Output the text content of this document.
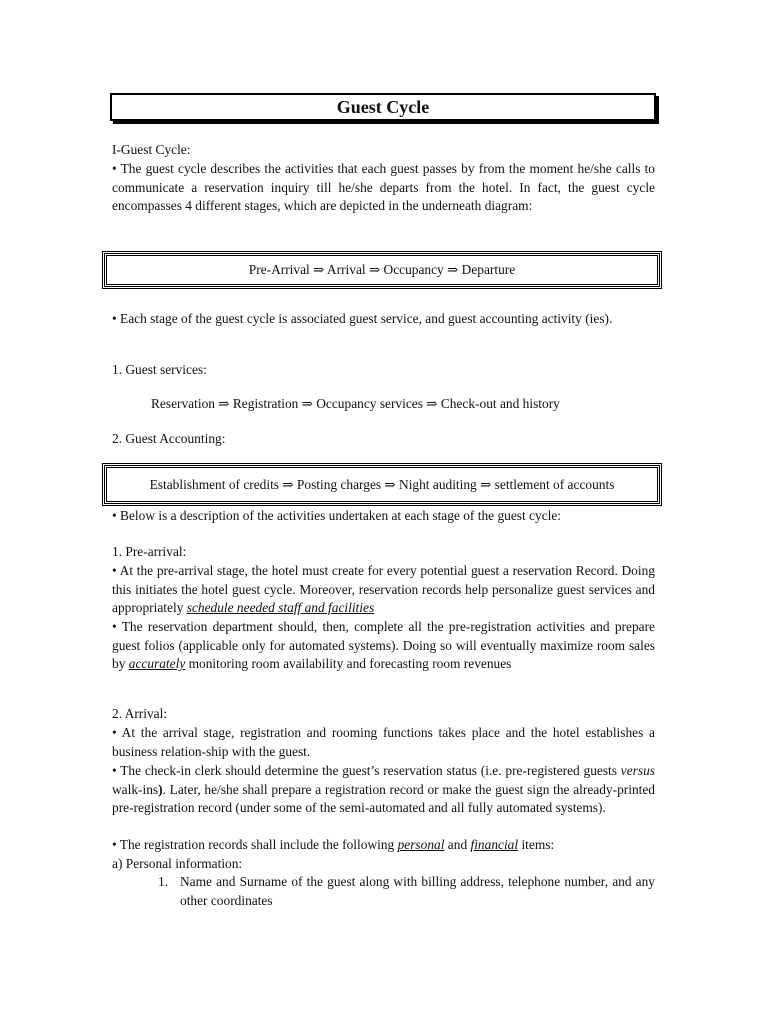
Guest Cycle

I-Guest Cycle:

• The guest cycle describes the activities that each guest passes by from the moment he/she calls to communicate a reservation inquiry till he/she departs from the hotel. In fact, the guest cycle encompasses 4 different stages, which are depicted in the underneath diagram:

Pre-Arrival ⇒ Arrival ⇒ Occupancy ⇒ Departure

• Each stage of the guest cycle is associated guest service, and guest accounting activity (ies).

1. Guest services:

Reservation ⇒ Registration ⇒ Occupancy services ⇒ Check-out and history

2. Guest Accounting:

Establishment of credits ⇒ Posting charges ⇒ Night auditing ⇒ settlement of accounts

• Below is a description of the activities undertaken at each stage of the guest cycle:

1. Pre-arrival:

• At the pre-arrival stage, the hotel must create for every potential guest a reservation Record. Doing this initiates the hotel guest cycle. Moreover, reservation records help personalize guest services and appropriately schedule needed staff and facilities

• The reservation department should, then, complete all the pre-registration activities and prepare guest folios (applicable only for automated systems). Doing so will eventually maximize room sales by accurately monitoring room availability and forecasting room revenues

2. Arrival:

• At the arrival stage, registration and rooming functions takes place and the hotel establishes a business relation-ship with the guest.

• The check-in clerk should determine the guest’s reservation status (i.e. pre-registered guests versus walk-ins). Later, he/she shall prepare a registration record or make the guest sign the already-printed pre-registration record (under some of the semi-automated and all fully automated systems).

• The registration records shall include the following personal and financial items:

a) Personal information:

1. Name and Surname of the guest along with billing address, telephone number, and any other coordinates
